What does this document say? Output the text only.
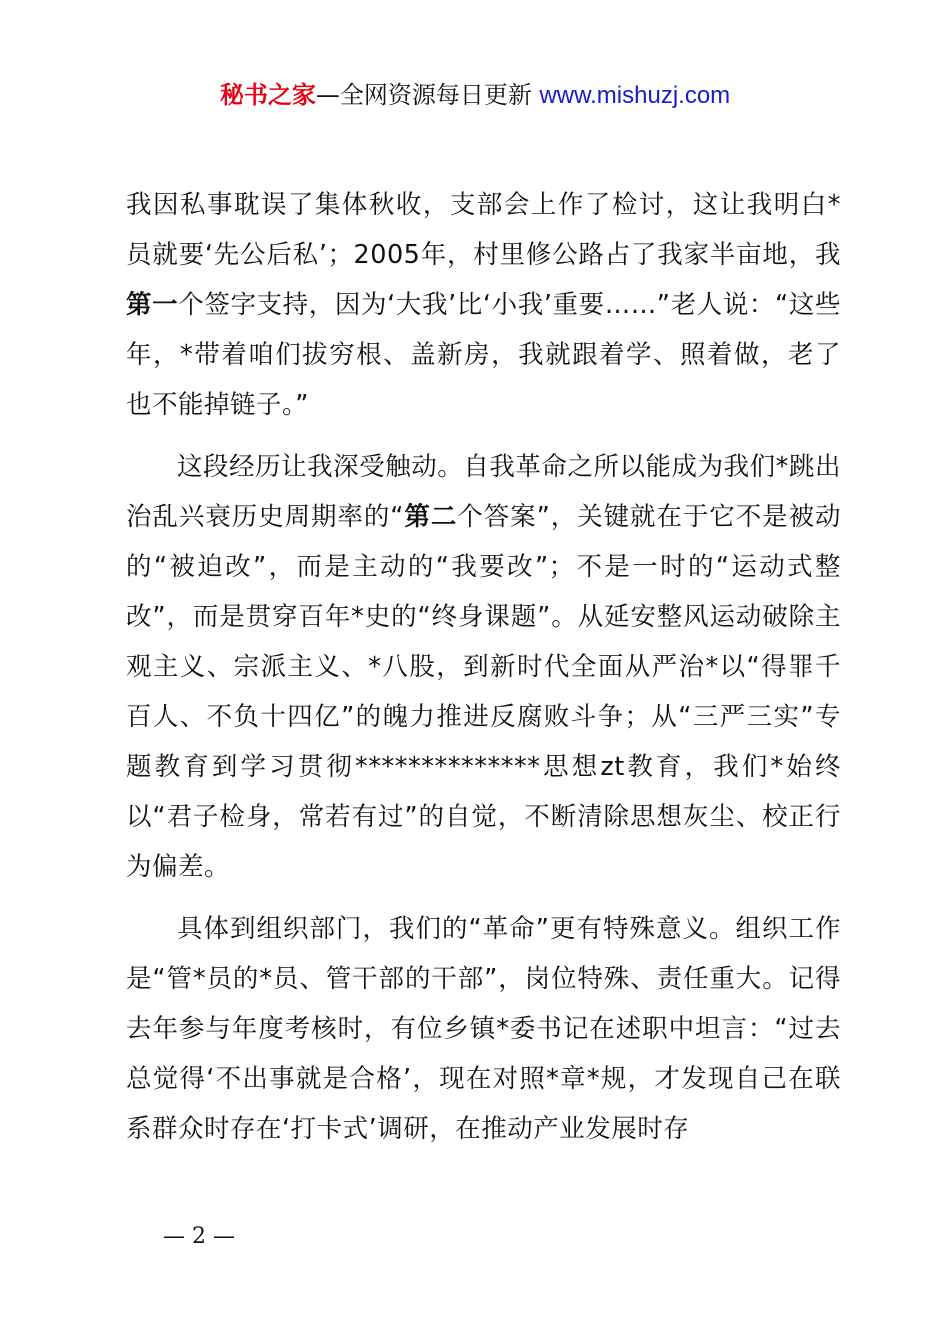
秘书之家—全网资源每日更新 www.mishuzj.com

我因私事耽误了集体秋收，支部会上作了检讨，这让我明白*员就要‘先公后私’；2005年，村里修公路占了我家半亩地，我第一个签字支持，因为‘大我’比‘小我’重要……”老人说：“这些年，*带着咱们拔穷根、盖新房，我就跟着学、照着做，老了也不能掉链子。”

这段经历让我深受触动。自我革命之所以能成为我们*跳出治乱兴衰历史周期率的“第二个答案”，关键就在于它不是被动的“被迫改”，而是主动的“我要改”；不是一时的“运动式整改”，而是贯穿百年*史的“终身课题”。从延安整风运动破除主观主义、宗派主义、*八股，到新时代全面从严治*以“得罪千百人、不负十四亿”的魄力推进反腐败斗争；从“三严三实”专题教育到学习贯彻**************思想zt教育，我们*始终以“君子检身，常若有过”的自觉，不断清除思想灰尘、校正行为偏差。

具体到组织部门，我们的“革命”更有特殊意义。组织工作是“管*员的*员、管干部的干部”，岗位特殊、责任重大。记得去年参与年度考核时，有位乡镇*委书记在述职中坦言：“过去总觉得‘不出事就是合格’，现在对照*章*规，才发现自己在联系群众时存在‘打卡式’调研，在推动产业发展时存

— 2 —
